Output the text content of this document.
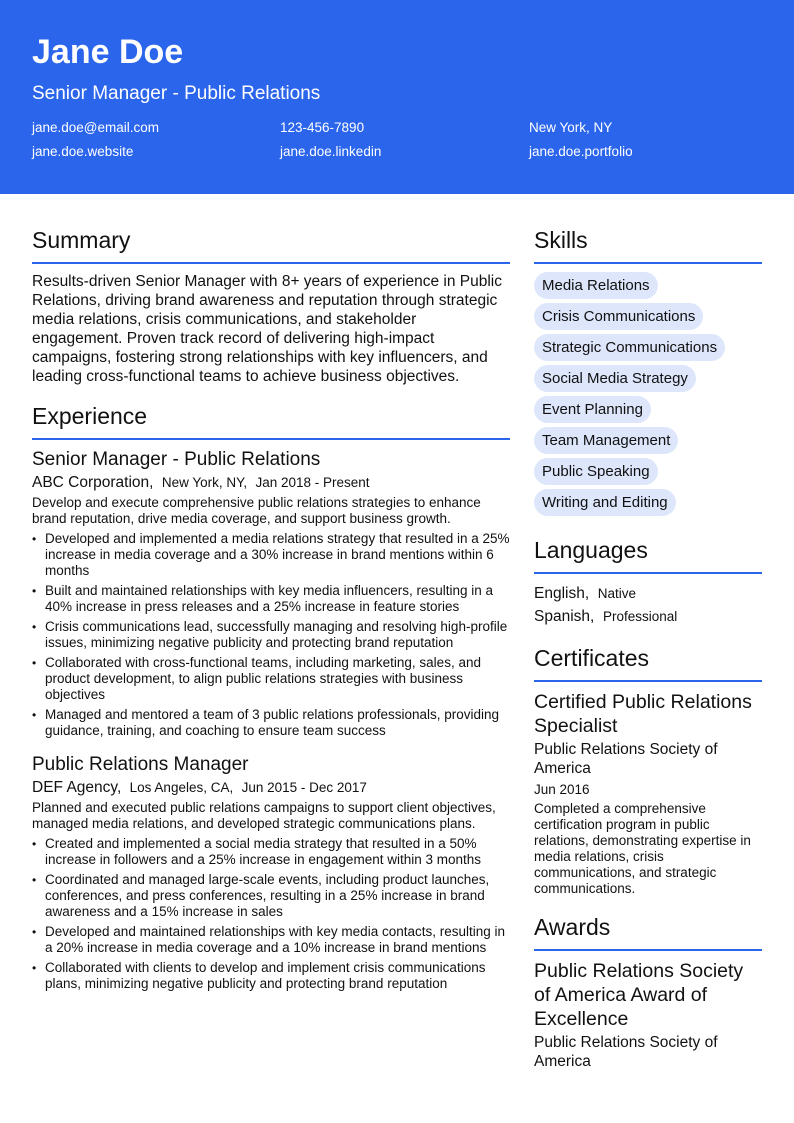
Jane Doe
Senior Manager - Public Relations
jane.doe@email.com	123-456-7890	New York, NY
jane.doe.website	jane.doe.linkedin	jane.doe.portfolio
Summary

Results-driven Senior Manager with 8+ years of experience in Public Relations, driving brand awareness and reputation through strategic media relations, crisis communications, and stakeholder engagement. Proven track record of delivering high-impact campaigns, fostering strong relationships with key influencers, and leading cross-functional teams to achieve business objectives.

Experience
Senior Manager - Public Relations
ABC Corporation, New York, NY, Jan 2018 - Present
Develop and execute comprehensive public relations strategies to enhance brand reputation, drive media coverage, and support business growth.
• Developed and implemented a media relations strategy that resulted in a 25% increase in media coverage and a 30% increase in brand mentions within 6 months
• Built and maintained relationships with key media influencers, resulting in a 40% increase in press releases and a 25% increase in feature stories
• Crisis communications lead, successfully managing and resolving high-profile issues, minimizing negative publicity and protecting brand reputation
• Collaborated with cross-functional teams, including marketing, sales, and product development, to align public relations strategies with business objectives
• Managed and mentored a team of 3 public relations professionals, providing guidance, training, and coaching to ensure team success
Public Relations Manager
DEF Agency, Los Angeles, CA, Jun 2015 - Dec 2017
Planned and executed public relations campaigns to support client objectives, managed media relations, and developed strategic communications plans.
• Created and implemented a social media strategy that resulted in a 50% increase in followers and a 25% increase in engagement within 3 months
• Coordinated and managed large-scale events, including product launches, conferences, and press conferences, resulting in a 25% increase in brand awareness and a 15% increase in sales
• Developed and maintained relationships with key media contacts, resulting in a 20% increase in media coverage and a 10% increase in brand mentions
• Collaborated with clients to develop and implement crisis communications plans, minimizing negative publicity and protecting brand reputation
Skills
Media Relations
Crisis Communications
Strategic Communications
Social Media Strategy
Event Planning
Team Management
Public Speaking
Writing and Editing
Languages
English, Native
Spanish, Professional
Certificates
Certified Public Relations Specialist
Public Relations Society of America
Jun 2016
Completed a comprehensive certification program in public relations, demonstrating expertise in media relations, crisis communications, and strategic communications.
Awards
Public Relations Society of America Award of Excellence
Public Relations Society of America
